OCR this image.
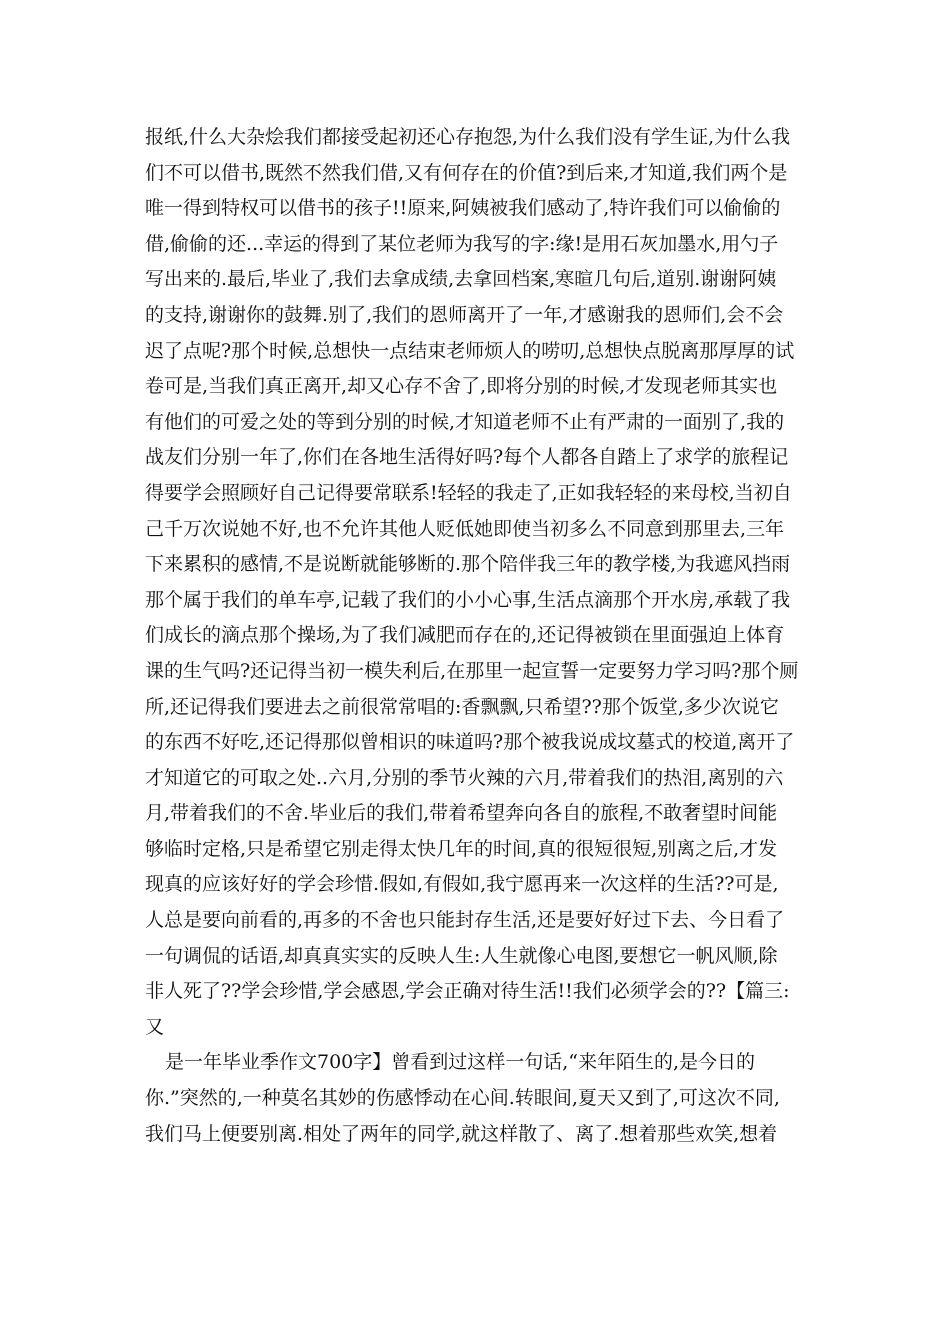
报纸,什么大杂烩我们都接受起初还心存抱怨,为什么我们没有学生证,为什么我
们不可以借书,既然不然我们借,又有何存在的价值?到后来,才知道,我们两个是
唯一得到特权可以借书的孩子!!原来,阿姨被我们感动了,特许我们可以偷偷的
借,偷偷的还...幸运的得到了某位老师为我写的字:缘!是用石灰加墨水,用勺子
写出来的.最后,毕业了,我们去拿成绩,去拿回档案,寒暄几句后,道别.谢谢阿姨
的支持,谢谢你的鼓舞.别了,我们的恩师离开了一年,才感谢我的恩师们,会不会
迟了点呢?那个时候,总想快一点结束老师烦人的唠叨,总想快点脱离那厚厚的试
卷可是,当我们真正离开,却又心存不舍了,即将分别的时候,才发现老师其实也
有他们的可爱之处的等到分别的时候,才知道老师不止有严肃的一面别了,我的
战友们分别一年了,你们在各地生活得好吗?每个人都各自踏上了求学的旅程记
得要学会照顾好自己记得要常联系!轻轻的我走了,正如我轻轻的来母校,当初自
己千万次说她不好,也不允许其他人贬低她即使当初多么不同意到那里去,三年
下来累积的感情,不是说断就能够断的.那个陪伴我三年的教学楼,为我遮风挡雨
那个属于我们的单车亭,记载了我们的小小心事,生活点滴那个开水房,承载了我
们成长的滴点那个操场,为了我们减肥而存在的,还记得被锁在里面强迫上体育
课的生气吗?还记得当初一模失利后,在那里一起宣誓一定要努力学习吗?那个厕
所,还记得我们要进去之前很常常唱的:香飘飘,只希望??那个饭堂,多少次说它
的东西不好吃,还记得那似曾相识的味道吗?那个被我说成坟墓式的校道,离开了
才知道它的可取之处..六月,分别的季节火辣的六月,带着我们的热泪,离别的六
月,带着我们的不舍.毕业后的我们,带着希望奔向各自的旅程,不敢奢望时间能
够临时定格,只是希望它别走得太快几年的时间,真的很短很短,别离之后,才发
现真的应该好好的学会珍惜.假如,有假如,我宁愿再来一次这样的生活??可是,
人总是要向前看的,再多的不舍也只能封存生活,还是要好好过下去、今日看了
一句调侃的话语,却真真实实的反映人生:人生就像心电图,要想它一帆风顺,除
非人死了??学会珍惜,学会感恩,学会正确对待生活!!我们必须学会的??【篇三:
又
是一年毕业季作文700字】曾看到过这样一句话,“来年陌生的,是今日的
你.”突然的,一种莫名其妙的伤感悸动在心间.转眼间,夏天又到了,可这次不同,
我们马上便要别离.相处了两年的同学,就这样散了、离了.想着那些欢笑,想着
